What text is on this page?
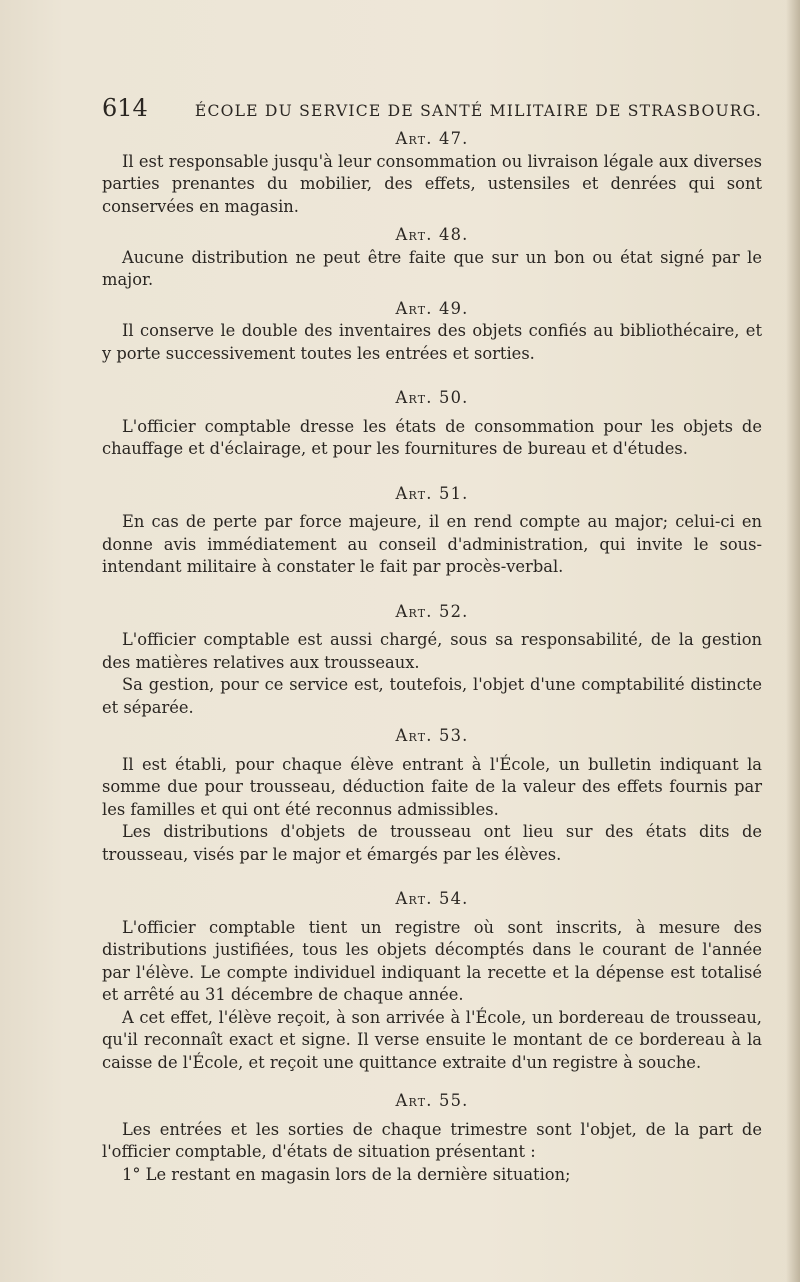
614	ÉCOLE DU SERVICE DE SANTÉ MILITAIRE DE STRASBOURG.
Art. 47.

Il est responsable jusqu'à leur consommation ou livraison légale aux diverses parties prenantes du mobilier, des effets, ustensiles et denrées qui sont conservées en magasin.

Art. 48.

Aucune distribution ne peut être faite que sur un bon ou état signé par le major.

Art. 49.

Il conserve le double des inventaires des objets confiés au bibliothécaire, et y porte successivement toutes les entrées et sorties.

Art. 50.

L'officier comptable dresse les états de consommation pour les objets de chauffage et d'éclairage, et pour les fournitures de bureau et d'études.

Art. 51.

En cas de perte par force majeure, il en rend compte au major; celui-ci en donne avis immédiatement au conseil d'administration, qui invite le sous-intendant militaire à constater le fait par procès-verbal.

Art. 52.

L'officier comptable est aussi chargé, sous sa responsabilité, de la gestion des matières relatives aux trousseaux.

Sa gestion, pour ce service est, toutefois, l'objet d'une comptabilité distincte et séparée.

Art. 53.

Il est établi, pour chaque élève entrant à l'École, un bulletin indiquant la somme due pour trousseau, déduction faite de la valeur des effets fournis par les familles et qui ont été reconnus admissibles.

Les distributions d'objets de trousseau ont lieu sur des états dits de trousseau, visés par le major et émargés par les élèves.

Art. 54.

L'officier comptable tient un registre où sont inscrits, à mesure des distributions justifiées, tous les objets décomptés dans le courant de l'année par l'élève. Le compte individuel indiquant la recette et la dépense est totalisé et arrêté au 31 décembre de chaque année.

A cet effet, l'élève reçoit, à son arrivée à l'École, un bordereau de trousseau, qu'il reconnaît exact et signe. Il verse ensuite le montant de ce bordereau à la caisse de l'École, et reçoit une quittance extraite d'un registre à souche.

Art. 55.

Les entrées et les sorties de chaque trimestre sont l'objet, de la part de l'officier comptable, d'états de situation présentant :

1° Le restant en magasin lors de la dernière situation;
